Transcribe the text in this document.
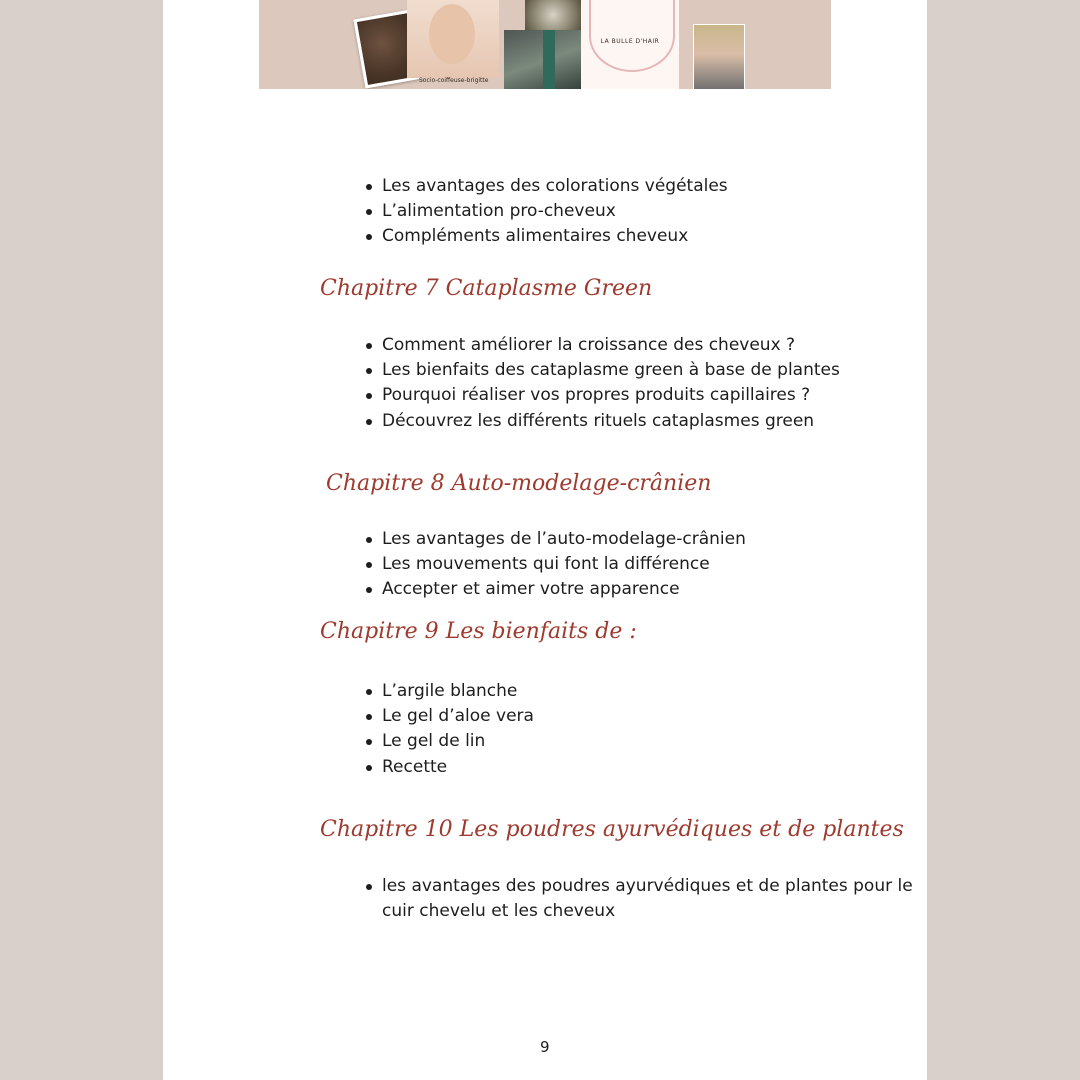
Socio-coiffeuse-brigitte
LA BULLE D'HAIR
Les avantages des colorations végétales
L’alimentation pro-cheveux
Compléments alimentaires cheveux
Chapitre 7 Cataplasme Green
Comment améliorer la croissance des cheveux ?
Les bienfaits des cataplasme green à base de plantes
Pourquoi réaliser vos propres produits capillaires ?
Découvrez les différents rituels cataplasmes green
Chapitre 8 Auto-modelage-crânien
Les avantages de l’auto-modelage-crânien
Les mouvements qui font la différence
Accepter et aimer votre apparence
Chapitre 9 Les bienfaits de :
L’argile blanche
Le gel d’aloe vera
Le gel de lin
Recette
Chapitre 10 Les poudres ayurvédiques et de plantes
les avantages des poudres ayurvédiques et de plantes pour le cuir chevelu et les cheveux
9
